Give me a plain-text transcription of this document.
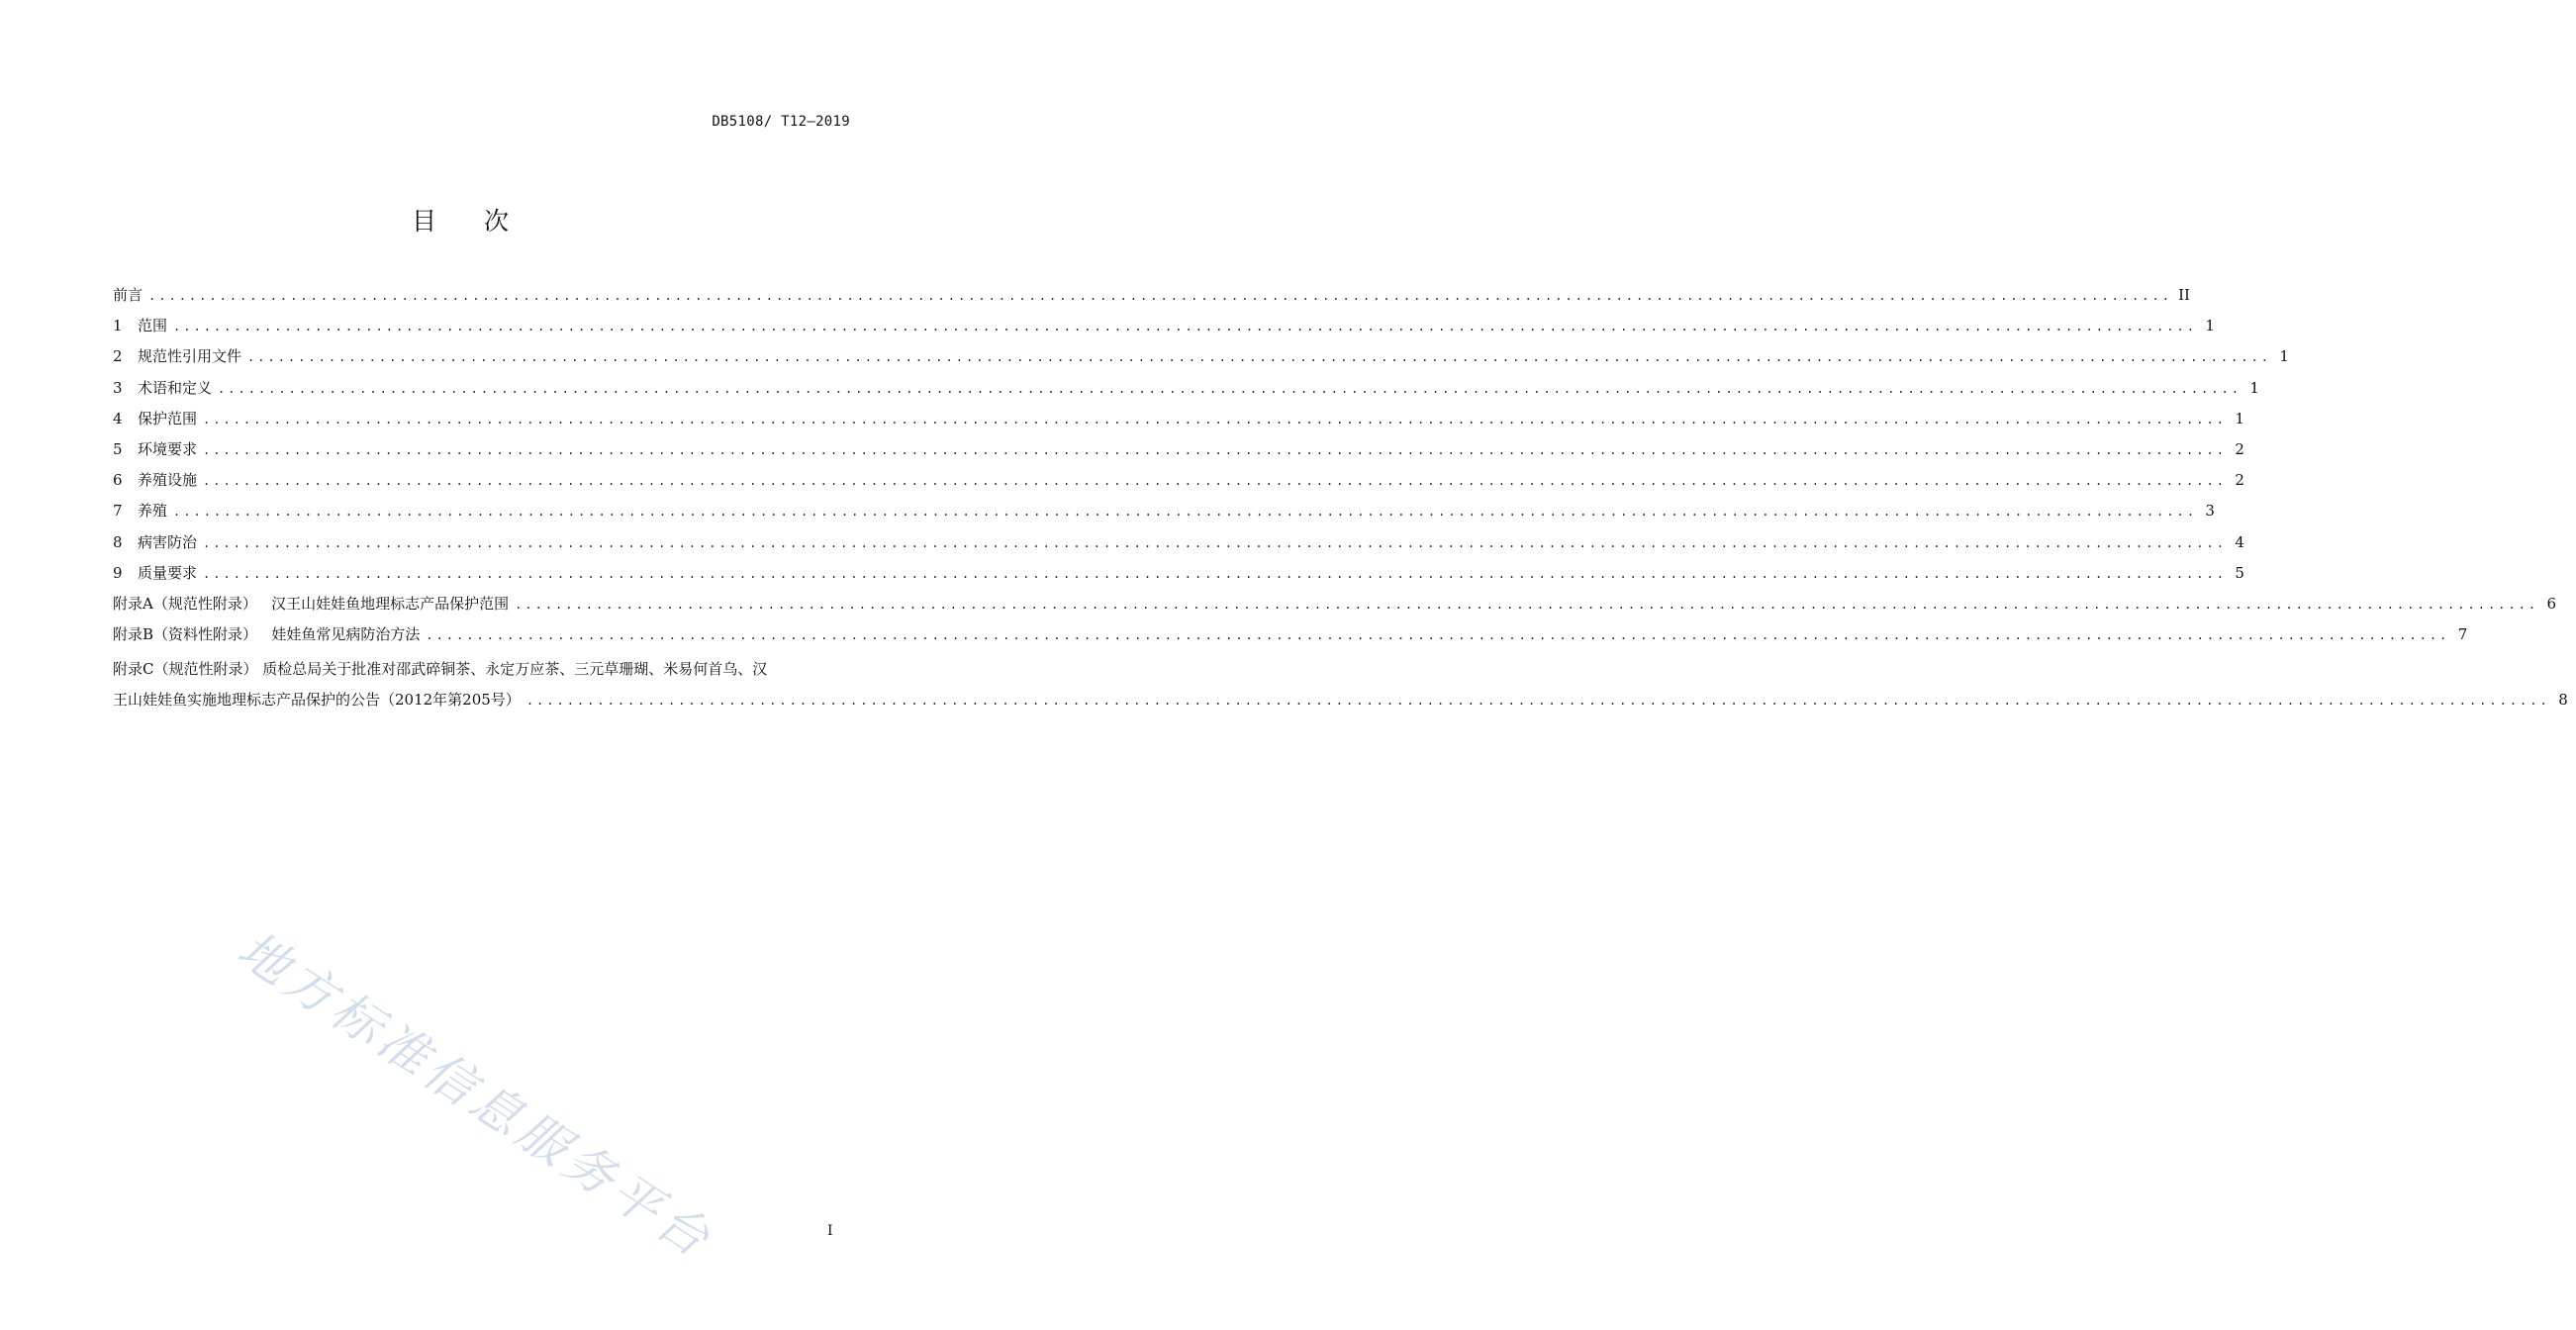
DB5108/ T12—2019
目 次
前言 ........................................................................................................................................................................................................ II
1	范围 ........................................................................................................................................................................................................ 1
2	规范性引用文件 ........................................................................................................................................................................................................ 1
3	术语和定义 ........................................................................................................................................................................................................ 1
4	保护范围 ........................................................................................................................................................................................................ 1
5	环境要求 ........................................................................................................................................................................................................ 2
6	养殖设施 ........................................................................................................................................................................................................ 2
7	养殖 ........................................................................................................................................................................................................ 3
8	病害防治 ........................................................................................................................................................................................................ 4
9	质量要求 ........................................................................................................................................................................................................ 5
附录A（规范性附录）   汉王山娃娃鱼地理标志产品保护范围 ........................................................................................................................................................................................................ 6
附录B（资料性附录）   娃娃鱼常见病防治方法 ........................................................................................................................................................................................................ 7
附录C（规范性附录） 质检总局关于批准对邵武碎铜茶、永定万应茶、三元草珊瑚、米易何首乌、汉
王山娃娃鱼实施地理标志产品保护的公告（2012年第205号） ........................................................................................................................................................................................................ 8
地方标准信息服务平台	I
